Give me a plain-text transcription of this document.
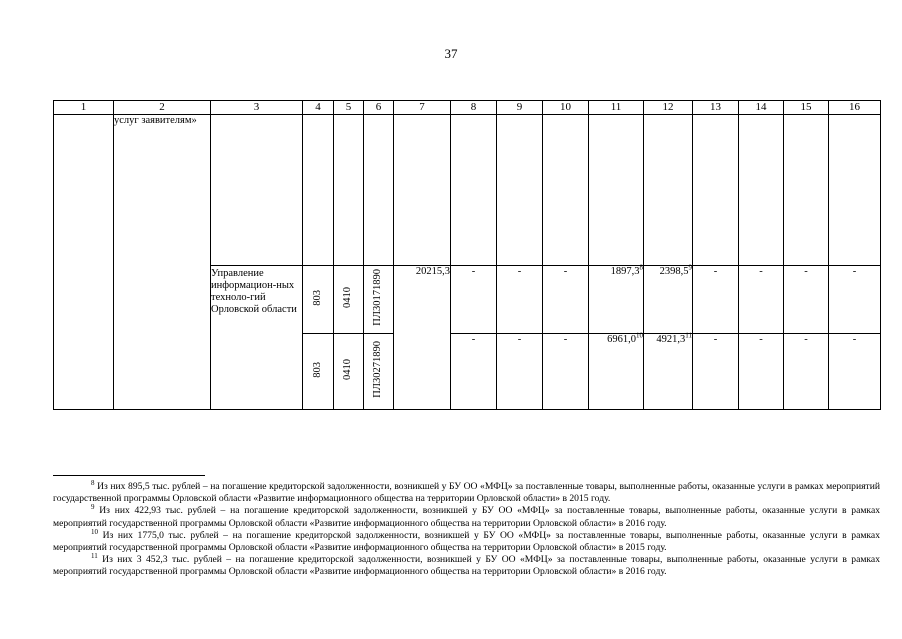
37
1	2	3	4	5	6	7	8	9	10	11	12	13	14	15	16
	услуг заявителям»														
		Управление информацион-ных техноло-гий Орловской области	803	0410	ПЛ30171890	20215,3	-	-	-	1897,3$^8$	2398,5$^9$	-	-	-	-
			803	0410	ПЛ30271890		-	-	-	6961,0$^{10}$	4921,3$^{11}$	-	-	-	-
$^8$ Из них 895,5 тыс. рублей – на погашение кредиторской задолженности, возникшей у БУ ОО «МФЦ» за поставленные товары, выполненные работы, оказанные услуги в рамках мероприятий государственной программы Орловской области «Развитие информационного общества на территории Орловской области» в 2015 году.
$^9$ Из них 422,93 тыс. рублей – на погашение кредиторской задолженности, возникшей у БУ ОО «МФЦ» за поставленные товары, выполненные работы, оказанные услуги в рамках мероприятий государственной программы Орловской области «Развитие информационного общества на территории Орловской области» в 2016 году.
$^{10}$ Из них 1775,0 тыс. рублей – на погашение кредиторской задолженности, возникшей у БУ ОО «МФЦ» за поставленные товары, выполненные работы, оказанные услуги в рамках мероприятий государственной программы Орловской области «Развитие информационного общества на территории Орловской области» в 2015 году.
$^{11}$ Из них 3 452,3 тыс. рублей – на погашение кредиторской задолженности, возникшей у БУ ОО «МФЦ» за поставленные товары, выполненные работы, оказанные услуги в рамках мероприятий государственной программы Орловской области «Развитие информационного общества на территории Орловской области» в 2016 году.
